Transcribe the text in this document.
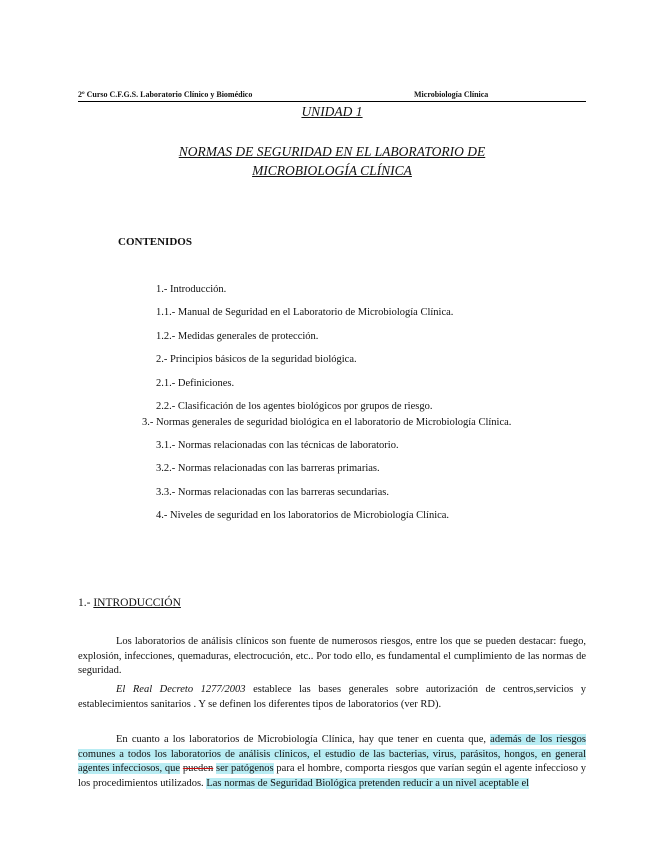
2º Curso C.F.G.S. Laboratorio Clínico y Biomédico	Microbiología Clínica
UNIDAD 1
NORMAS DE SEGURIDAD EN EL LABORATORIO DE
MICROBIOLOGÍA CLÍNICA
CONTENIDOS
1.- Introducción.
1.1.- Manual de Seguridad en el Laboratorio de Microbiología Clínica.
1.2.- Medidas generales de protección.
2.- Principios básicos de la seguridad biológica.
2.1.- Definiciones.
2.2.- Clasificación de los agentes biológicos por grupos de riesgo.
3.- Normas generales de seguridad biológica en el laboratorio de Microbiología Clínica.
3.1.- Normas relacionadas con las técnicas de laboratorio.
3.2.- Normas relacionadas con las barreras primarias.
3.3.- Normas relacionadas con las barreras secundarias.
4.- Niveles de seguridad en los laboratorios de Microbiología Clínica.
1.- INTRODUCCIÓN
Los laboratorios de análisis clínicos son fuente de numerosos riesgos, entre los que se pueden destacar: fuego, explosión, infecciones, quemaduras, electrocución, etc.. Por todo ello, es fundamental el cumplimiento de las normas de seguridad.
El Real Decreto 1277/2003 establece las bases generales sobre autorización de centros,servicios y establecimientos sanitarios . Y se definen los diferentes tipos de laboratorios (ver RD).
En cuanto a los laboratorios de Microbiología Clínica, hay que tener en cuenta que, además de los riesgos comunes a todos los laboratorios de análisis clínicos, el estudio de las bacterias, virus, parásitos, hongos, en general agentes infecciosos, que pueden ser patógenos para el hombre, comporta riesgos que varían según el agente infeccioso y los procedimientos utilizados. Las normas de Seguridad Biológica pretenden reducir a un nivel aceptable el
